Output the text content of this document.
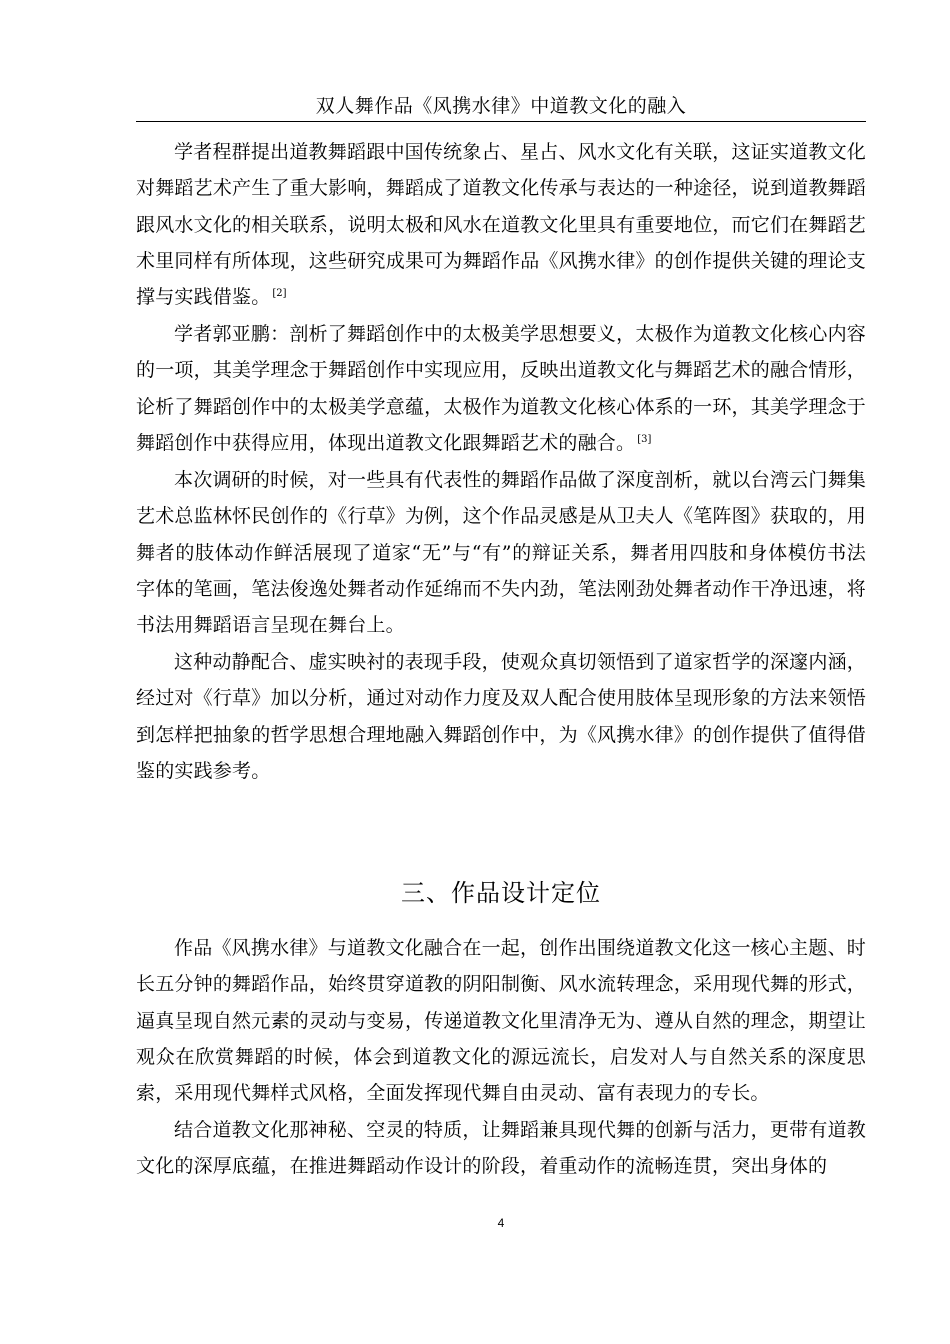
双人舞作品《风携水律》中道教文化的融入

学者程群提出道教舞蹈跟中国传统象占、星占、风水文化有关联，这证实道教文化对舞蹈艺术产生了重大影响，舞蹈成了道教文化传承与表达的一种途径，说到道教舞蹈跟风水文化的相关联系，说明太极和风水在道教文化里具有重要地位，而它们在舞蹈艺术里同样有所体现，这些研究成果可为舞蹈作品《风携水律》的创作提供关键的理论支撑与实践借鉴。 [2]

学者郭亚鹏：剖析了舞蹈创作中的太极美学思想要义，太极作为道教文化核心内容的一项，其美学理念于舞蹈创作中实现应用，反映出道教文化与舞蹈艺术的融合情形，论析了舞蹈创作中的太极美学意蕴，太极作为道教文化核心体系的一环，其美学理念于舞蹈创作中获得应用，体现出道教文化跟舞蹈艺术的融合。 [3]

本次调研的时候，对一些具有代表性的舞蹈作品做了深度剖析，就以台湾云门舞集艺术总监林怀民创作的《行草》为例，这个作品灵感是从卫夫人《笔阵图》获取的，用舞者的肢体动作鲜活展现了道家“无”与“有”的辩证关系，舞者用四肢和身体模仿书法字体的笔画，笔法俊逸处舞者动作延绵而不失内劲，笔法刚劲处舞者动作干净迅速，将书法用舞蹈语言呈现在舞台上。

这种动静配合、虚实映衬的表现手段，使观众真切领悟到了道家哲学的深邃内涵，经过对《行草》加以分析，通过对动作力度及双人配合使用肢体呈现形象的方法来领悟到怎样把抽象的哲学思想合理地融入舞蹈创作中，为《风携水律》的创作提供了值得借鉴的实践参考。

三、作品设计定位

作品《风携水律》与道教文化融合在一起，创作出围绕道教文化这一核心主题、时长五分钟的舞蹈作品，始终贯穿道教的阴阳制衡、风水流转理念，采用现代舞的形式，逼真呈现自然元素的灵动与变易，传递道教文化里清净无为、遵从自然的理念，期望让观众在欣赏舞蹈的时候，体会到道教文化的源远流长，启发对人与自然关系的深度思索，采用现代舞样式风格，全面发挥现代舞自由灵动、富有表现力的专长。

结合道教文化那神秘、空灵的特质，让舞蹈兼具现代舞的创新与活力，更带有道教文化的深厚底蕴，在推进舞蹈动作设计的阶段，着重动作的流畅连贯，突出身体的

4
